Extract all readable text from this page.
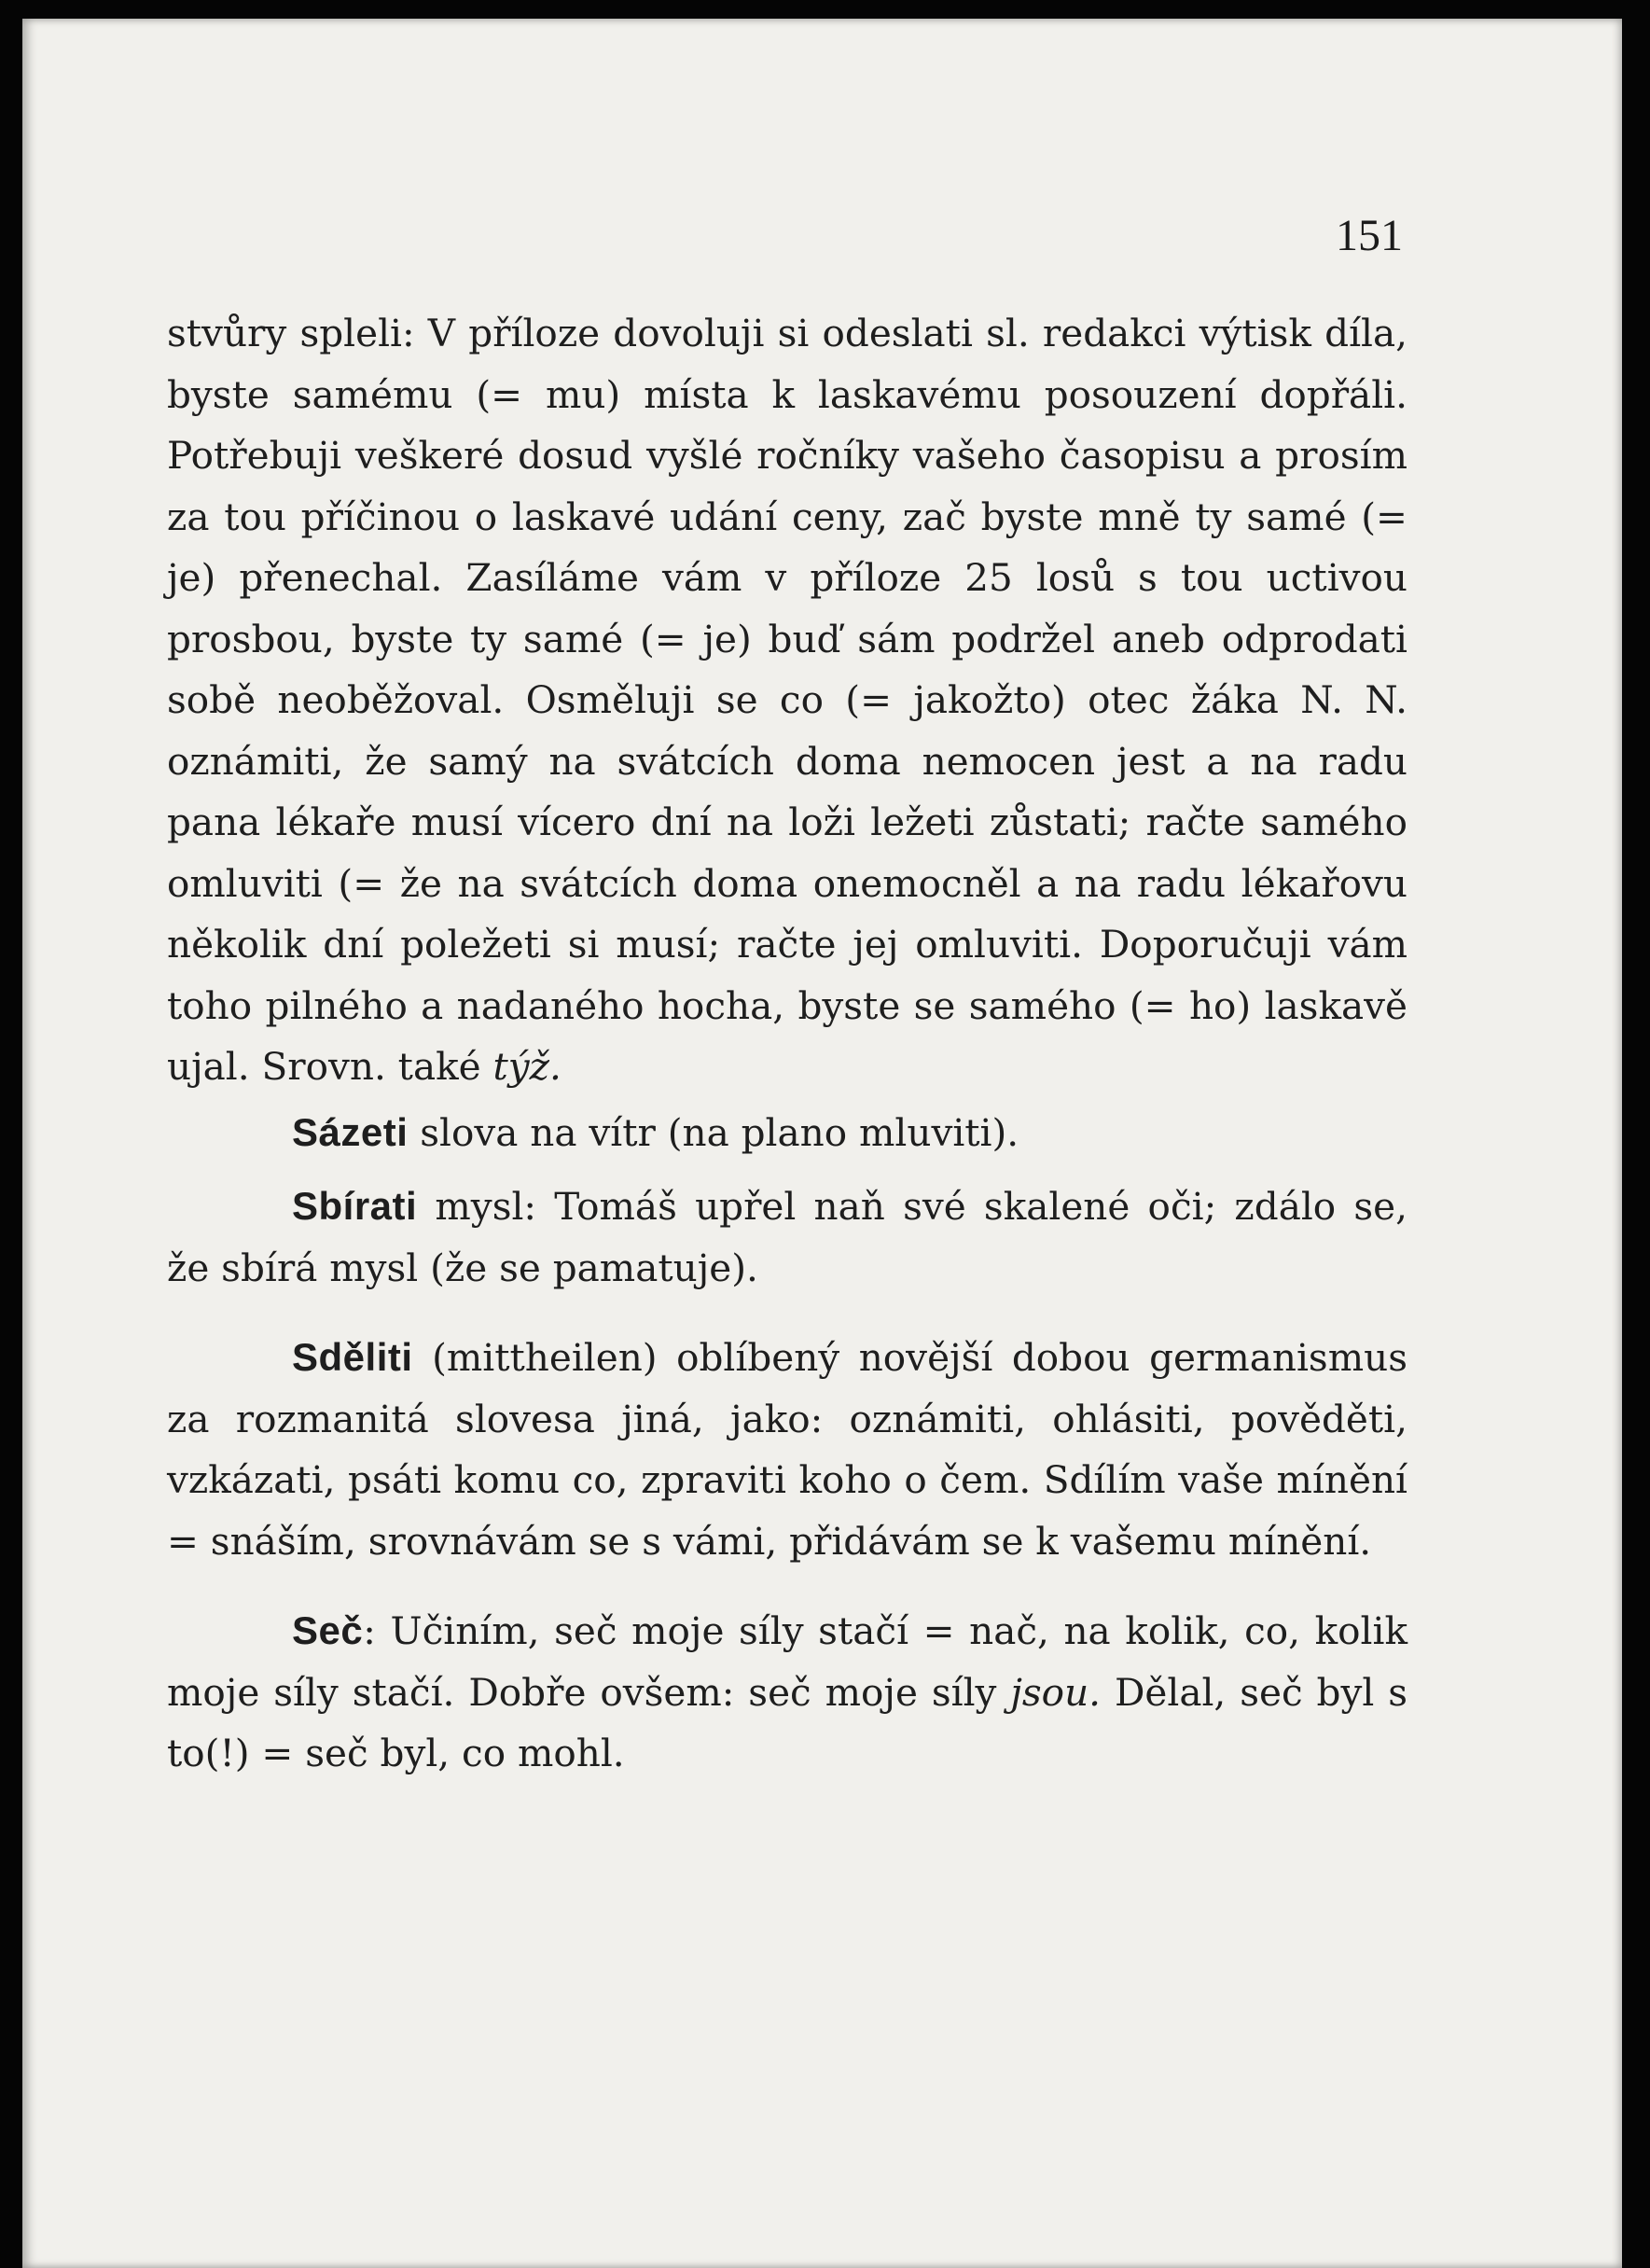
151

stvůry spleli: V příloze dovoluji si odeslati sl. redakci výtisk díla, byste samému (= mu) místa k laskavému posouzení dopřáli. Potřebuji veškeré dosud vyšlé ročníky vašeho časopisu a prosím za tou příčinou o laskavé udání ceny, zač byste mně ty samé (= je) přenechal. Zasíláme vám v příloze 25 losů s tou uctivou prosbou, byste ty samé (= je) buď sám podržel aneb odprodati sobě neoběžoval. Osměluji se co (= jakožto) otec žáka N. N. oznámiti, že samý na svátcích doma nemocen jest a na radu pana lékaře musí vícero dní na loži ležeti zůstati; račte samého omluviti (= že na svátcích doma onemocněl a na radu lékařovu několik dní poležeti si musí; račte jej omluviti. Doporučuji vám toho pilného a nadaného hocha, byste se samého (= ho) laskavě ujal. Srovn. také týž.

Sázeti slova na vítr (na plano mluviti).

Sbírati mysl: Tomáš upřel naň své skalené oči; zdálo se, že sbírá mysl (že se pamatuje).

Sděliti (mittheilen) oblíbený novější dobou germanismus za rozmanitá slovesa jiná, jako: oznámiti, ohlásiti, pověděti, vzkázati, psáti komu co, zpraviti koho o čem. Sdílím vaše mínění = snáším, srovnávám se s vámi, přidávám se k vašemu mínění.

Seč: Učiním, seč moje síly stačí = nač, na kolik, co, kolik moje síly stačí. Dobře ovšem: seč moje síly jsou. Dělal, seč byl s to(!) = seč byl, co mohl.
